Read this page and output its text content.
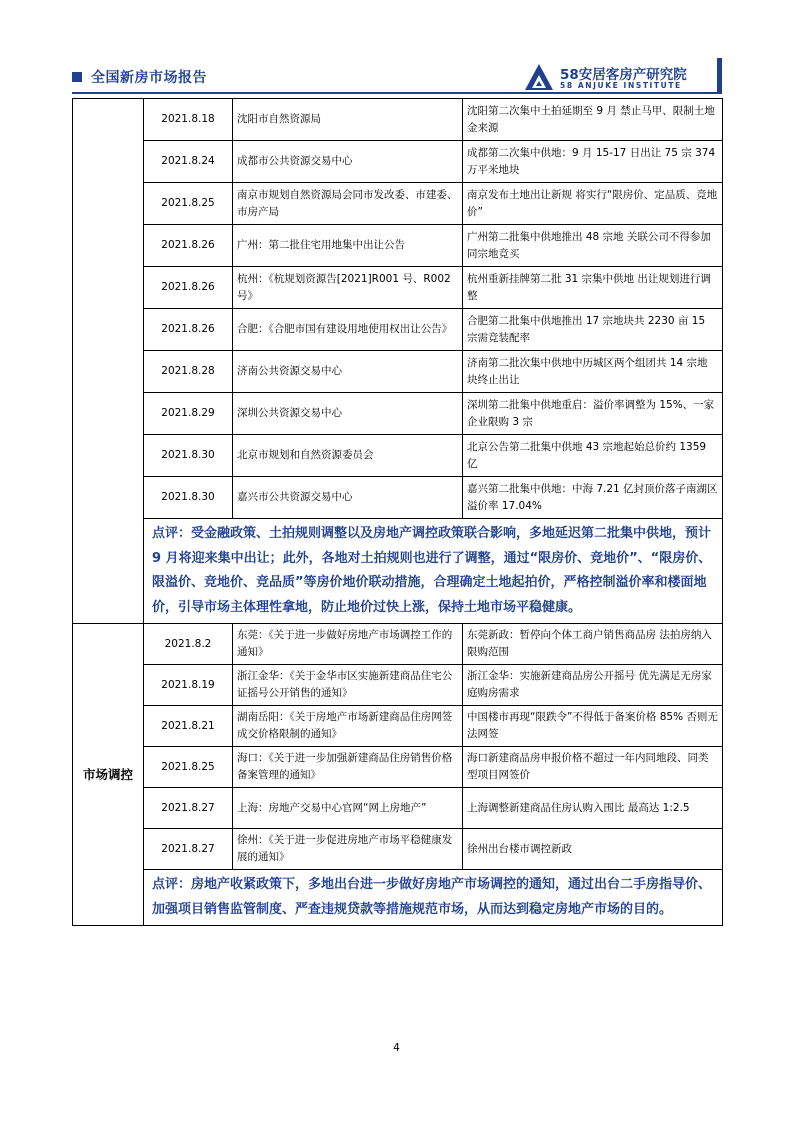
全国新房市场报告	58安居客房产研究院
58 ANJUKE INSTITUTE
	2021.8.18	沈阳市自然资源局	沈阳第二次集中土拍延期至 9 月 禁止马甲、限制土地金来源
	2021.8.24	成都市公共资源交易中心	成都第二次集中供地：9 月 15-17 日出让 75 宗 374 万平米地块
	2021.8.25	南京市规划自然资源局会同市发改委、市建委、市房产局	南京发布土地出让新规 将实行“限房价、定品质、竞地价”
	2021.8.26	广州：第二批住宅用地集中出让公告	广州第二批集中供地推出 48 宗地 关联公司不得参加同宗地竞买
	2021.8.26	杭州：《杭规划资源告[2021]R001 号、R002 号》	杭州重新挂牌第二批 31 宗集中供地 出让规划进行调整
	2021.8.26	合肥：《合肥市国有建设用地使用权出让公告》	合肥第二批集中供地推出 17 宗地块共 2230 亩 15 宗需竞装配率
	2021.8.28	济南公共资源交易中心	济南第二批次集中供地中历城区两个组团共 14 宗地块终止出让
	2021.8.29	深圳公共资源交易中心	深圳第二批集中供地重启：溢价率调整为 15%、一家企业限购 3 宗
	2021.8.30	北京市规划和自然资源委员会	北京公告第二批集中供地 43 宗地起始总价约 1359 亿
	2021.8.30	嘉兴市公共资源交易中心	嘉兴第二批集中供地：中海 7.21 亿封顶价落子南湖区 溢价率 17.04%
	点评：受金融政策、土拍规则调整以及房地产调控政策联合影响，多地延迟第二批集中供地，预计 9 月将迎来集中出让；此外，各地对土拍规则也进行了调整，通过“限房价、竞地价”、“限房价、限溢价、竞地价、竞品质”等房价地价联动措施，合理确定土地起拍价，严格控制溢价率和楼面地价，引导市场主体理性拿地，防止地价过快上涨，保持土地市场平稳健康。		
市场调控	2021.8.2	东莞：《关于进一步做好房地产市场调控工作的通知》	东莞新政：暂停向个体工商户销售商品房 法拍房纳入限购范围
	2021.8.19	浙江金华：《关于金华市区实施新建商品住宅公证摇号公开销售的通知》	浙江金华：实施新建商品房公开摇号 优先满足无房家庭购房需求
	2021.8.21	湖南岳阳：《关于房地产市场新建商品住房网签成交价格限制的通知》	中国楼市再现“限跌令”不得低于备案价格 85% 否则无法网签
	2021.8.25	海口：《关于进一步加强新建商品住房销售价格备案管理的通知》	海口新建商品房申报价格不超过一年内同地段、同类型项目网签价
	2021.8.27	上海：房地产交易中心官网“网上房地产”	上海调整新建商品住房认购入围比 最高达 1:2.5
	2021.8.27	徐州：《关于进一步促进房地产市场平稳健康发展的通知》	徐州出台楼市调控新政
	点评：房地产收紧政策下，多地出台进一步做好房地产市场调控的通知，通过出台二手房指导价、加强项目销售监管制度、严查违规贷款等措施规范市场，从而达到稳定房地产市场的目的。		
4
